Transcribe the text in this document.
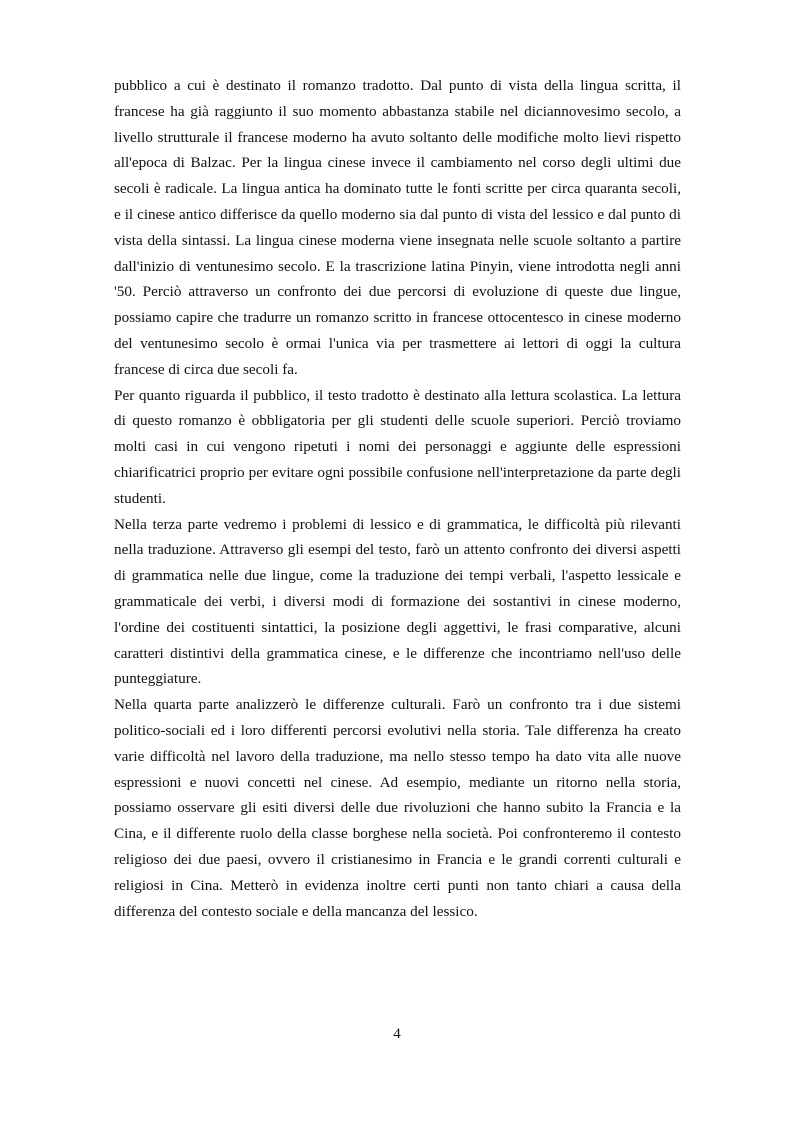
pubblico a cui è destinato il romanzo tradotto. Dal punto di vista della lingua scritta, il francese ha già raggiunto il suo momento abbastanza stabile nel diciannovesimo secolo, a livello strutturale il francese moderno ha avuto soltanto delle modifiche molto lievi rispetto all'epoca di Balzac. Per la lingua cinese invece il cambiamento nel corso degli ultimi due secoli è radicale. La lingua antica ha dominato tutte le fonti scritte per circa quaranta secoli, e il cinese antico differisce da quello moderno sia dal punto di vista del lessico e dal punto di vista della sintassi. La lingua cinese moderna viene insegnata nelle scuole soltanto a partire dall'inizio di ventunesimo secolo. E la trascrizione latina Pinyin, viene introdotta negli anni '50. Perciò attraverso un confronto dei due percorsi di evoluzione di queste due lingue, possiamo capire che tradurre un romanzo scritto in francese ottocentesco in cinese moderno del ventunesimo secolo è ormai l'unica via per trasmettere ai lettori di oggi la cultura francese di circa due secoli fa.

Per quanto riguarda il pubblico, il testo tradotto è destinato alla lettura scolastica. La lettura di questo romanzo è obbligatoria per gli studenti delle scuole superiori. Perciò troviamo molti casi in cui vengono ripetuti i nomi dei personaggi e aggiunte delle espressioni chiarificatrici proprio per evitare ogni possibile confusione nell'interpretazione da parte degli studenti.

Nella terza parte vedremo i problemi di lessico e di grammatica, le difficoltà più rilevanti nella traduzione. Attraverso gli esempi del testo, farò un attento confronto dei diversi aspetti di grammatica nelle due lingue, come la traduzione dei tempi verbali, l'aspetto lessicale e grammaticale dei verbi, i diversi modi di formazione dei sostantivi in cinese moderno, l'ordine dei costituenti sintattici, la posizione degli aggettivi, le frasi comparative, alcuni caratteri distintivi della grammatica cinese, e le differenze che incontriamo nell'uso delle punteggiature.

Nella quarta parte analizzerò le differenze culturali. Farò un confronto tra i due sistemi politico-sociali ed i loro differenti percorsi evolutivi nella storia. Tale differenza ha creato varie difficoltà nel lavoro della traduzione, ma nello stesso tempo ha dato vita alle nuove espressioni e nuovi concetti nel cinese. Ad esempio, mediante un ritorno nella storia, possiamo osservare gli esiti diversi delle due rivoluzioni che hanno subito la Francia e la Cina, e il differente ruolo della classe borghese nella società. Poi confronteremo il contesto religioso dei due paesi, ovvero il cristianesimo in Francia e le grandi correnti culturali e religiosi in Cina. Metterò in evidenza inoltre certi punti non tanto chiari a causa della differenza del contesto sociale e della mancanza del lessico.

4
